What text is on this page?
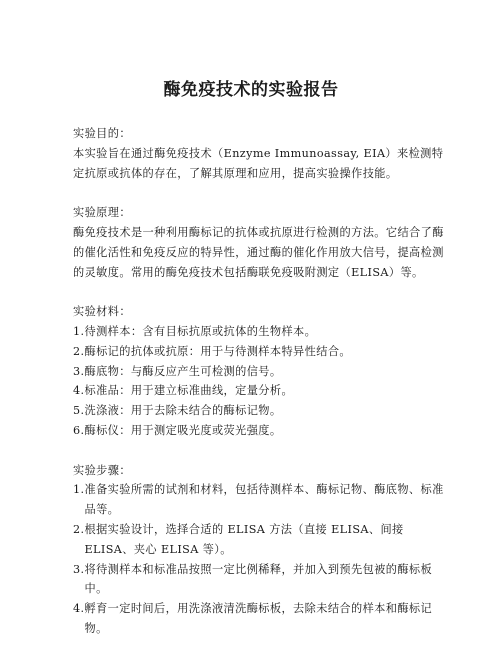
酶免疫技术的实验报告

实验目的：

本实验旨在通过酶免疫技术（Enzyme Immunoassay, EIA）来检测特定抗原或抗体的存在，了解其原理和应用，提高实验操作技能。

实验原理：

酶免疫技术是一种利用酶标记的抗体或抗原进行检测的方法。它结合了酶的催化活性和免疫反应的特异性，通过酶的催化作用放大信号，提高检测的灵敏度。常用的酶免疫技术包括酶联免疫吸附测定（ELISA）等。

实验材料：

1. 待测样本：含有目标抗原或抗体的生物样本。
2. 酶标记的抗体或抗原：用于与待测样本特异性结合。
3. 酶底物：与酶反应产生可检测的信号。
4. 标准品：用于建立标准曲线，定量分析。
5. 洗涤液：用于去除未结合的酶标记物。
6. 酶标仪：用于测定吸光度或荧光强度。

实验步骤：

1. 准备实验所需的试剂和材料，包括待测样本、酶标记物、酶底物、标准品等。
2. 根据实验设计，选择合适的 ELISA 方法（直接 ELISA、间接 ELISA、夹心 ELISA 等）。
3. 将待测样本和标准品按照一定比例稀释，并加入到预先包被的酶标板中。
4. 孵育一定时间后，用洗涤液清洗酶标板，去除未结合的样本和酶标记物。
